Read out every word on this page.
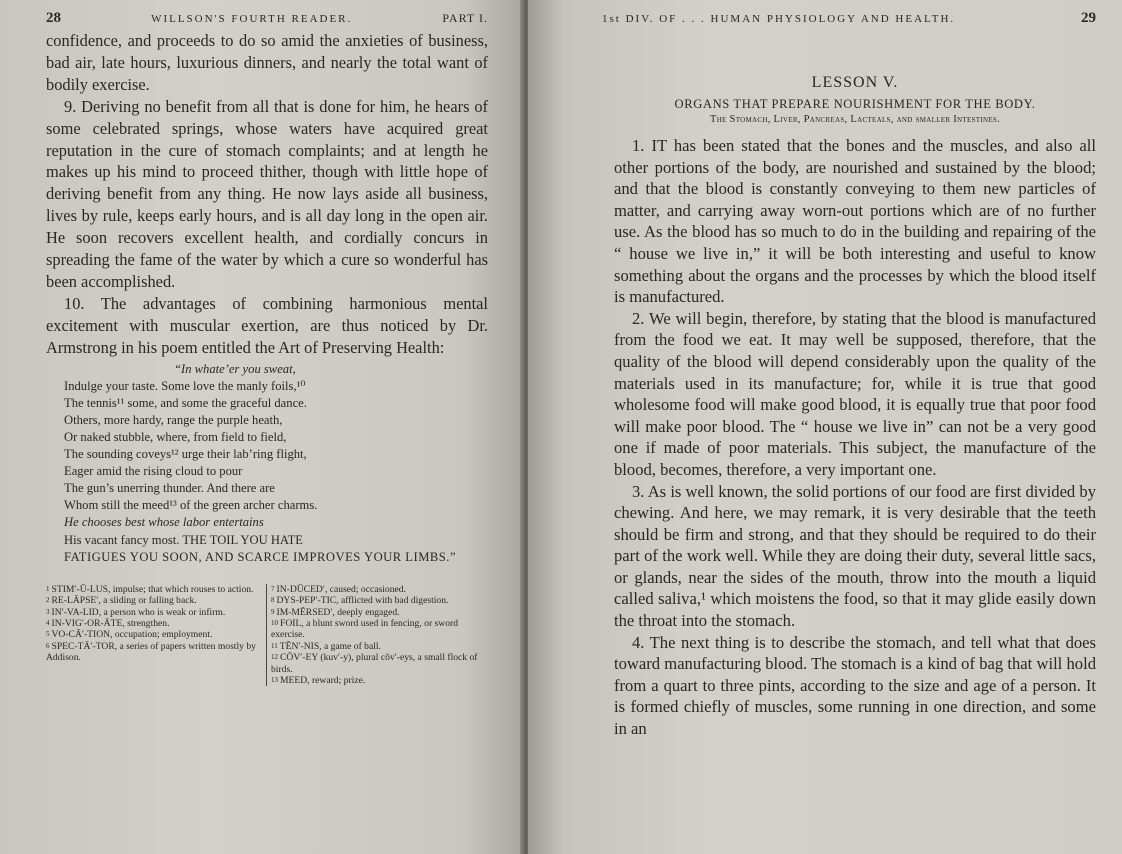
28	WILLSON'S FOURTH READER.	PART I.

confidence, and proceeds to do so amid the anxieties of business, bad air, late hours, luxurious dinners, and nearly the total want of bodily exercise.

9. Deriving no benefit from all that is done for him, he hears of some celebrated springs, whose waters have acquired great reputation in the cure of stomach complaints; and at length he makes up his mind to proceed thither, though with little hope of deriving benefit from any thing. He now lays aside all business, lives by rule, keeps early hours, and is all day long in the open air. He soon recovers excellent health, and cordially concurs in spreading the fame of the water by which a cure so wonderful has been accomplished.

10. The advantages of combining harmonious mental excitement with muscular exertion, are thus noticed by Dr. Armstrong in his poem entitled the Art of Preserving Health:

“In whate’er you sweat,
Indulge your taste. Some love the manly foils,¹⁰
The tennis¹¹ some, and some the graceful dance.
Others, more hardy, range the purple heath,
Or naked stubble, where, from field to field,
The sounding coveys¹² urge their lab’ring flight,
Eager amid the rising cloud to pour
The gun’s unerring thunder. And there are
Whom still the meed¹³ of the green archer charms.
He chooses best whose labor entertains
His vacant fancy most. THE TOIL YOU HATE
FATIGUES YOU SOON, AND SCARCE IMPROVES YOUR LIMBS.”
$^1$ STIM′-Ū-LUS, impulse; that which rouses to action.
$^2$ RE-LĀPSE′, a sliding or falling back.
$^3$ IN′-VA-LID, a person who is weak or infirm.
$^4$ IN-VIG′-OR-ĀTE, strengthen.
$^5$ VO-CĀ′-TION, occupation; employment.
$^6$ SPEC-TĀ′-TOR, a series of papers written mostly by Addison.
$^7$ IN-DŪCED′, caused; occasioned.
$^8$ DYS-PEP′-TIC, afflicted with bad digestion.
$^9$ IM-MĔRSED′, deeply engaged.
$^{10}$ FOIL, a blunt sword used in fencing, or sword exercise.
$^{11}$ TĔN′-NIS, a game of ball.
$^{12}$ CŌV′-EY (kuv′-y), plural cŏv′-eys, a small flock of birds.
$^{13}$ MEED, reward; prize.
1st DIV. OF . . . HUMAN PHYSIOLOGY AND HEALTH.	29
LESSON V.
ORGANS THAT PREPARE NOURISHMENT FOR THE BODY.
The Stomach, Liver, Pancreas, Lacteals, and smaller Intestines.

1. IT has been stated that the bones and the muscles, and also all other portions of the body, are nourished and sustained by the blood; and that the blood is constantly conveying to them new particles of matter, and carrying away worn-out portions which are of no further use. As the blood has so much to do in the building and repairing of the “ house we live in,” it will be both interesting and useful to know something about the organs and the processes by which the blood itself is manufactured.

2. We will begin, therefore, by stating that the blood is manufactured from the food we eat. It may well be supposed, therefore, that the quality of the blood will depend considerably upon the quality of the materials used in its manufacture; for, while it is true that good wholesome food will make good blood, it is equally true that poor food will make poor blood. The “ house we live in” can not be a very good one if made of poor materials. This subject, the manufacture of the blood, becomes, therefore, a very important one.

3. As is well known, the solid portions of our food are first divided by chewing. And here, we may remark, it is very desirable that the teeth should be firm and strong, and that they should be required to do their part of the work well. While they are doing their duty, several little sacs, or glands, near the sides of the mouth, throw into the mouth a liquid called saliva,¹ which moistens the food, so that it may glide easily down the throat into the stomach.

4. The next thing is to describe the stomach, and tell what that does toward manufacturing blood. The stomach is a kind of bag that will hold from a quart to three pints, according to the size and age of a person. It is formed chiefly of muscles, some running in one direction, and some in an
